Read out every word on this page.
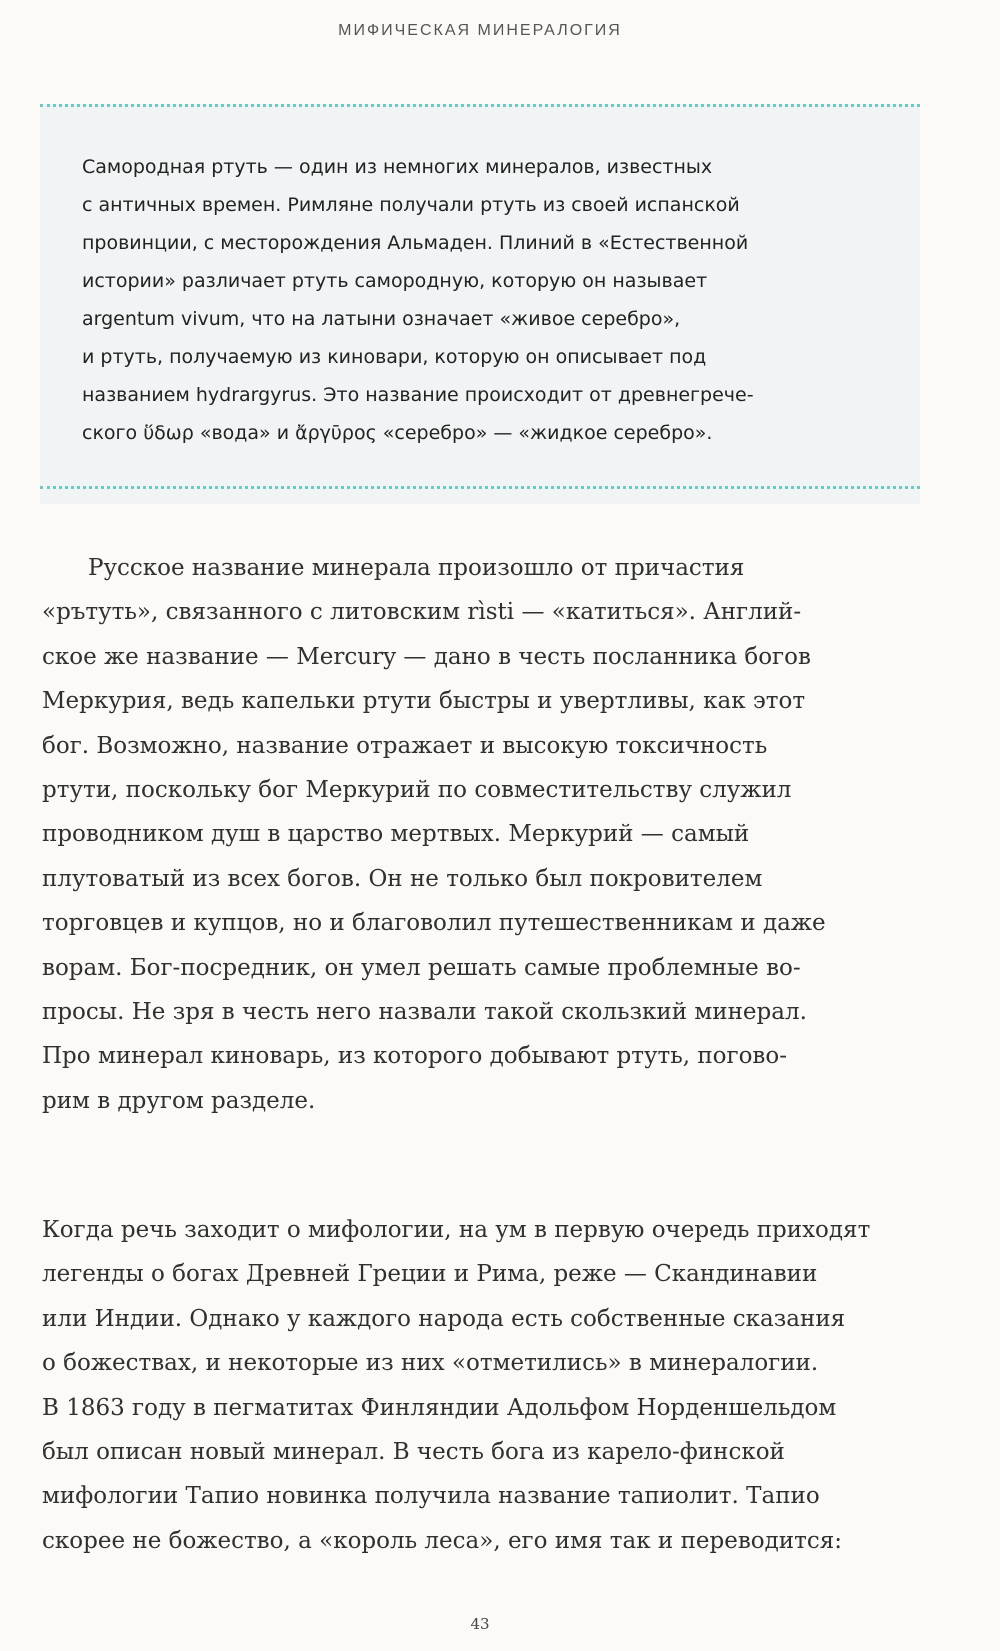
МИФИЧЕСКАЯ МИНЕРАЛОГИЯ
Самородная ртуть — один из немногих минералов, известных
с античных времен. Римляне получали ртуть из своей испанской
провинции, с месторождения Альмаден. Плиний в «Естественной
истории» различает ртуть самородную, которую он называет
argentum vivum, что на латыни означает «живое серебро»,
и ртуть, получаемую из киновари, которую он описывает под
названием hydrargyrus. Это название происходит от древнегрече-
ского ὕδωρ «вода» и ἄργῡρος «серебро» — «жидкое серебро».
Русское название минерала произошло от причастия
«рътуть», связанного с литовским rìsti — «катиться». Англий-
ское же название — Mercury — дано в честь посланника богов
Меркурия, ведь капельки ртути быстры и увертливы, как этот
бог. Возможно, название отражает и высокую токсичность
ртути, поскольку бог Меркурий по совместительству служил
проводником душ в царство мертвых. Меркурий — самый
плутоватый из всех богов. Он не только был покровителем
торговцев и купцов, но и благоволил путешественникам и даже
ворам. Бог-посредник, он умел решать самые проблемные во-
просы. Не зря в честь него назвали такой скользкий минерал.
Про минерал киноварь, из которого добывают ртуть, погово-
рим в другом разделе.
Когда речь заходит о мифологии, на ум в первую очередь приходят
легенды о богах Древней Греции и Рима, реже — Скандинавии
или Индии. Однако у каждого народа есть собственные сказания
о божествах, и некоторые из них «отметились» в минералогии.
В 1863 году в пегматитах Финляндии Адольфом Норденшельдом
был описан новый минерал. В честь бога из карело-финской
мифологии Тапио новинка получила название тапиолит. Тапио
скорее не божество, а «король леса», его имя так и переводится:
43
